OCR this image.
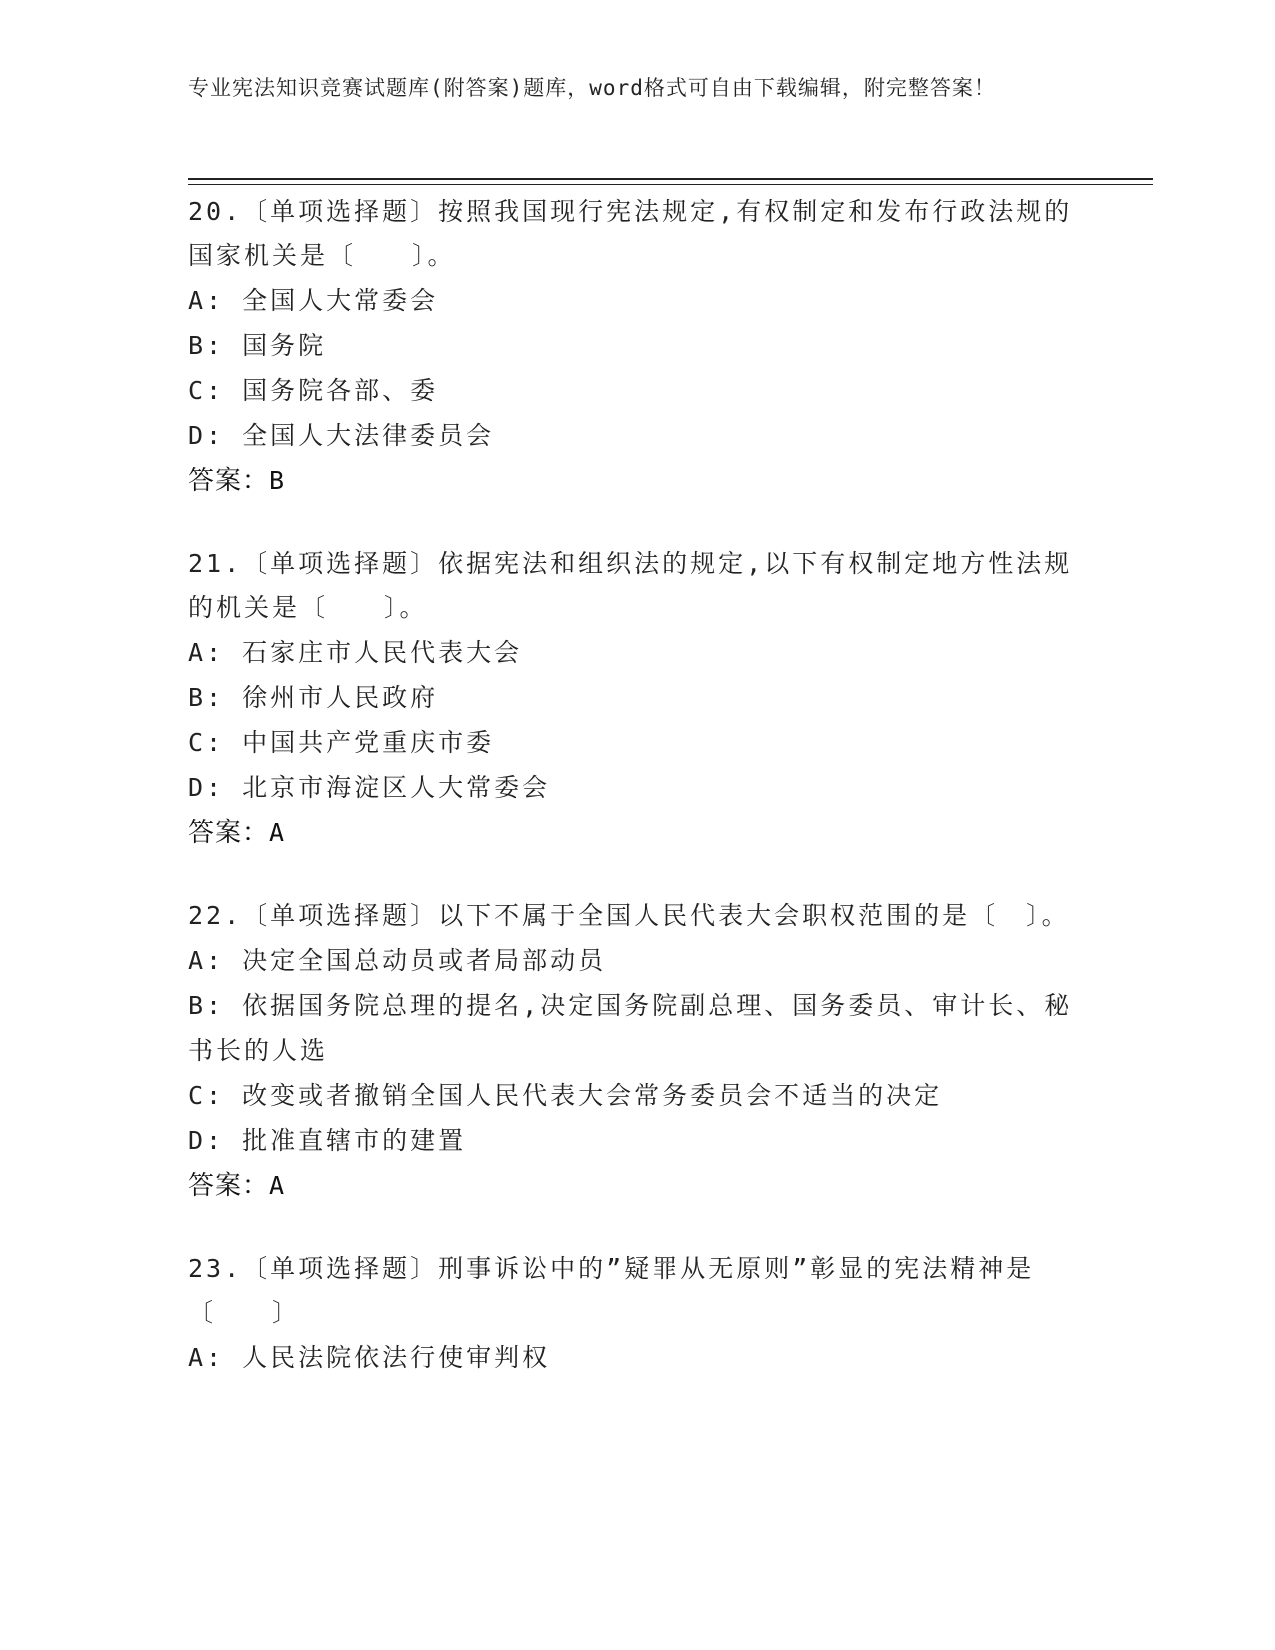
专业宪法知识竞赛试题库(附答案)题库，word格式可自由下载编辑，附完整答案！
20.〔单项选择题〕按照我国现行宪法规定,有权制定和发布行政法规的国家机关是〔　　〕。
A: 全国人大常委会
B: 国务院
C: 国务院各部、委
D: 全国人大法律委员会
答案：B
21.〔单项选择题〕依据宪法和组织法的规定,以下有权制定地方性法规的机关是〔　　〕。
A: 石家庄市人民代表大会
B: 徐州市人民政府
C: 中国共产党重庆市委
D: 北京市海淀区人大常委会
答案：A
22.〔单项选择题〕以下不属于全国人民代表大会职权范围的是〔　〕。
A: 决定全国总动员或者局部动员
B: 依据国务院总理的提名,决定国务院副总理、国务委员、审计长、秘书长的人选
C: 改变或者撤销全国人民代表大会常务委员会不适当的决定
D: 批准直辖市的建置
答案：A
23.〔单项选择题〕刑事诉讼中的”疑罪从无原则”彰显的宪法精神是〔　　〕
A: 人民法院依法行使审判权
